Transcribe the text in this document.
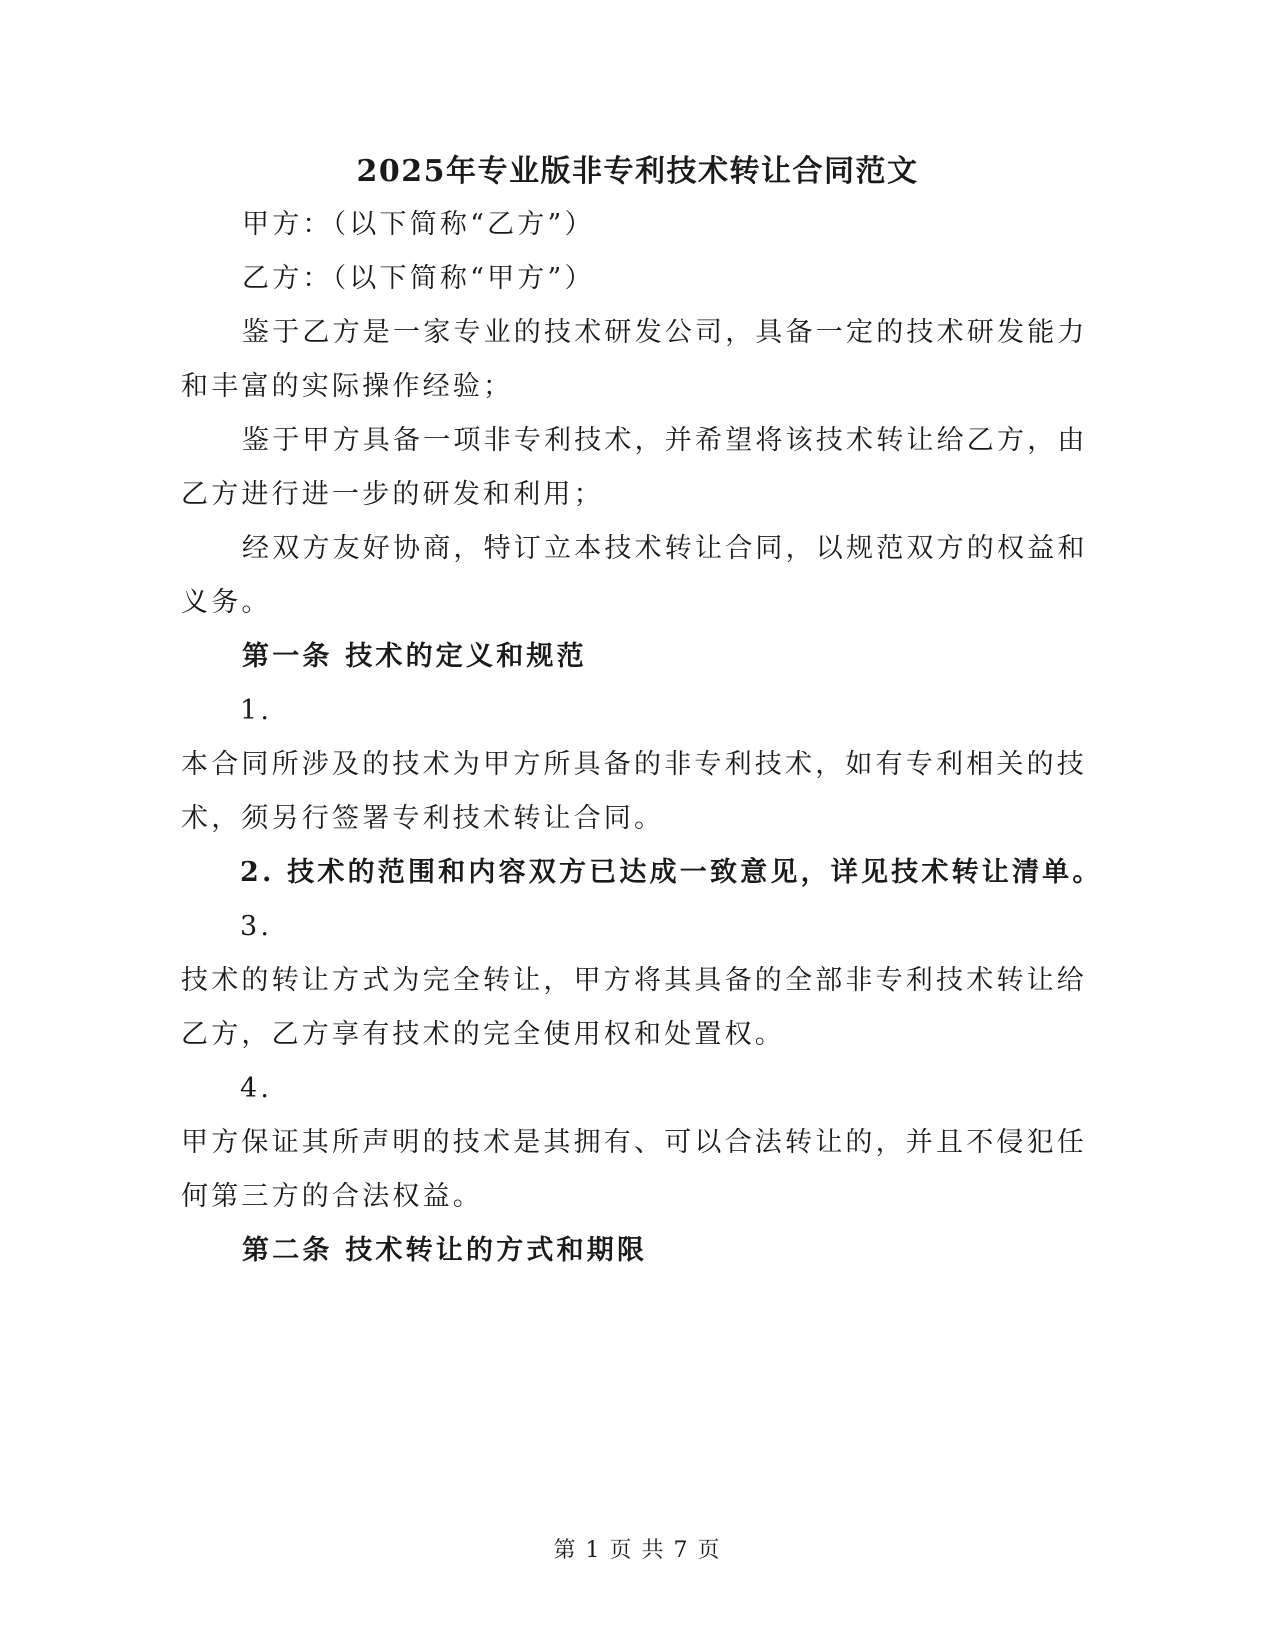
2025年专业版非专利技术转让合同范文
甲方：（以下简称“乙方”）
乙方：（以下简称“甲方”）
鉴于乙方是一家专业的技术研发公司，具备一定的技术研发能力
和丰富的实际操作经验；
鉴于甲方具备一项非专利技术，并希望将该技术转让给乙方，由
乙方进行进一步的研发和利用；
经双方友好协商，特订立本技术转让合同，以规范双方的权益和
义务。
第一条 技术的定义和规范
1.
本合同所涉及的技术为甲方所具备的非专利技术，如有专利相关的技
术，须另行签署专利技术转让合同。
2. 技术的范围和内容双方已达成一致意见，详见技术转让清单。
3.
技术的转让方式为完全转让，甲方将其具备的全部非专利技术转让给
乙方，乙方享有技术的完全使用权和处置权。
4.
甲方保证其所声明的技术是其拥有、可以合法转让的，并且不侵犯任
何第三方的合法权益。
第二条 技术转让的方式和期限
第 1 页 共 7 页
